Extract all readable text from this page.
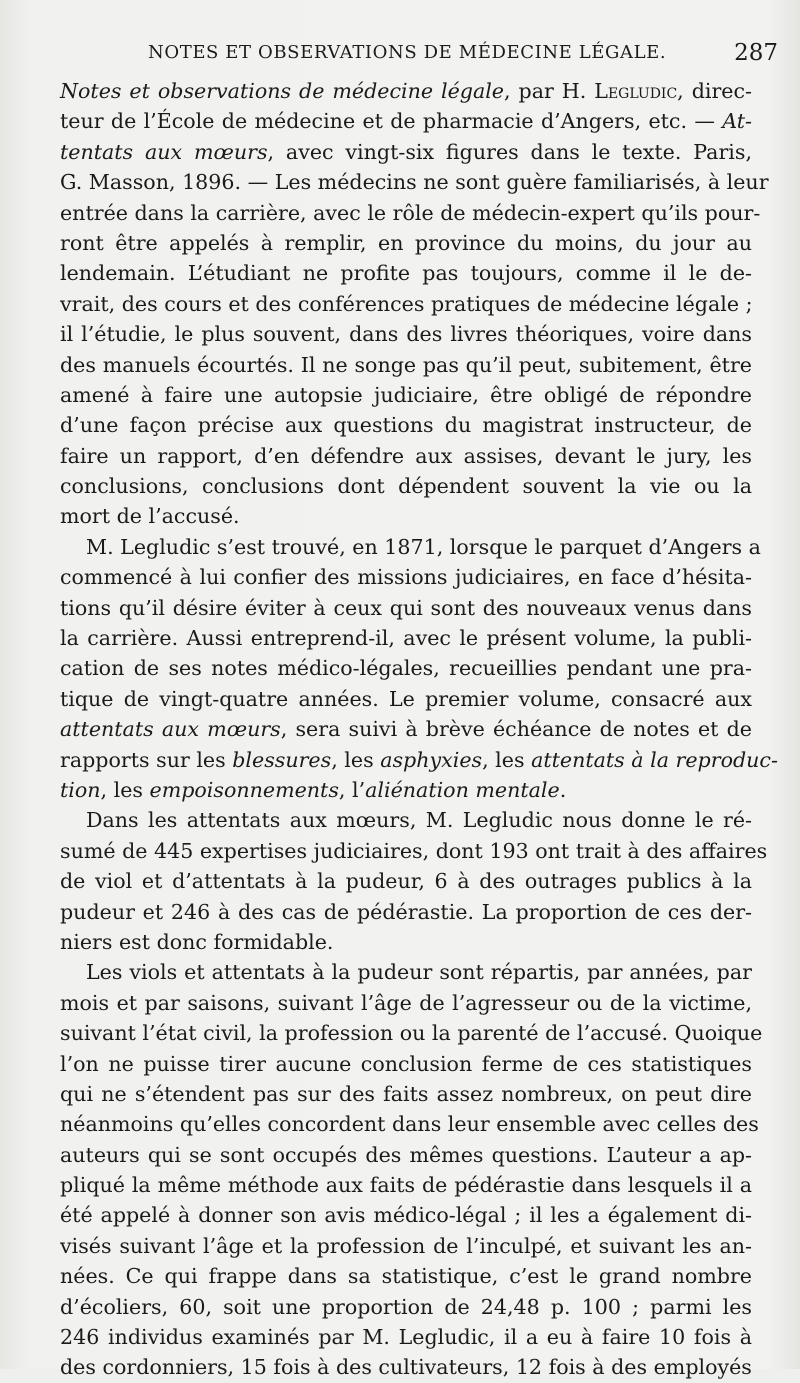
NOTES ET OBSERVATIONS DE MÉDECINE LÉGALE.	287
Notes et observations de médecine légale, par H. Legludic, direc-
teur de l’École de médecine et de pharmacie d’Angers, etc. — At-
tentats aux mœurs, avec vingt-six figures dans le texte. Paris,
G. Masson, 1896. — Les médecins ne sont guère familiarisés, à leur
entrée dans la carrière, avec le rôle de médecin-expert qu’ils pour-
ront être appelés à remplir, en province du moins, du jour au
lendemain. L’étudiant ne profite pas toujours, comme il le de-
vrait, des cours et des conférences pratiques de médecine légale ;
il l’étudie, le plus souvent, dans des livres théoriques, voire dans
des manuels écourtés. Il ne songe pas qu’il peut, subitement, être
amené à faire une autopsie judiciaire, être obligé de répondre
d’une façon précise aux questions du magistrat instructeur, de
faire un rapport, d’en défendre aux assises, devant le jury, les
conclusions, conclusions dont dépendent souvent la vie ou la
mort de l’accusé.
M. Legludic s’est trouvé, en 1871, lorsque le parquet d’Angers a
commencé à lui confier des missions judiciaires, en face d’hésita-
tions qu’il désire éviter à ceux qui sont des nouveaux venus dans
la carrière. Aussi entreprend-il, avec le présent volume, la publi-
cation de ses notes médico-légales, recueillies pendant une pra-
tique de vingt-quatre années. Le premier volume, consacré aux
attentats aux mœurs, sera suivi à brève échéance de notes et de
rapports sur les blessures, les asphyxies, les attentats à la reproduc-
tion, les empoisonnements, l’aliénation mentale.
Dans les attentats aux mœurs, M. Legludic nous donne le ré-
sumé de 445 expertises judiciaires, dont 193 ont trait à des affaires
de viol et d’attentats à la pudeur, 6 à des outrages publics à la
pudeur et 246 à des cas de pédérastie. La proportion de ces der-
niers est donc formidable.
Les viols et attentats à la pudeur sont répartis, par années, par
mois et par saisons, suivant l’âge de l’agresseur ou de la victime,
suivant l’état civil, la profession ou la parenté de l’accusé. Quoique
l’on ne puisse tirer aucune conclusion ferme de ces statistiques
qui ne s’étendent pas sur des faits assez nombreux, on peut dire
néanmoins qu’elles concordent dans leur ensemble avec celles des
auteurs qui se sont occupés des mêmes questions. L’auteur a ap-
pliqué la même méthode aux faits de pédérastie dans lesquels il a
été appelé à donner son avis médico-légal ; il les a également di-
visés suivant l’âge et la profession de l’inculpé, et suivant les an-
nées. Ce qui frappe dans sa statistique, c’est le grand nombre
d’écoliers, 60, soit une proportion de 24,48 p. 100 ; parmi les
246 individus examinés par M. Legludic, il a eu à faire 10 fois à
des cordonniers, 15 fois à des cultivateurs, 12 fois à des employés
